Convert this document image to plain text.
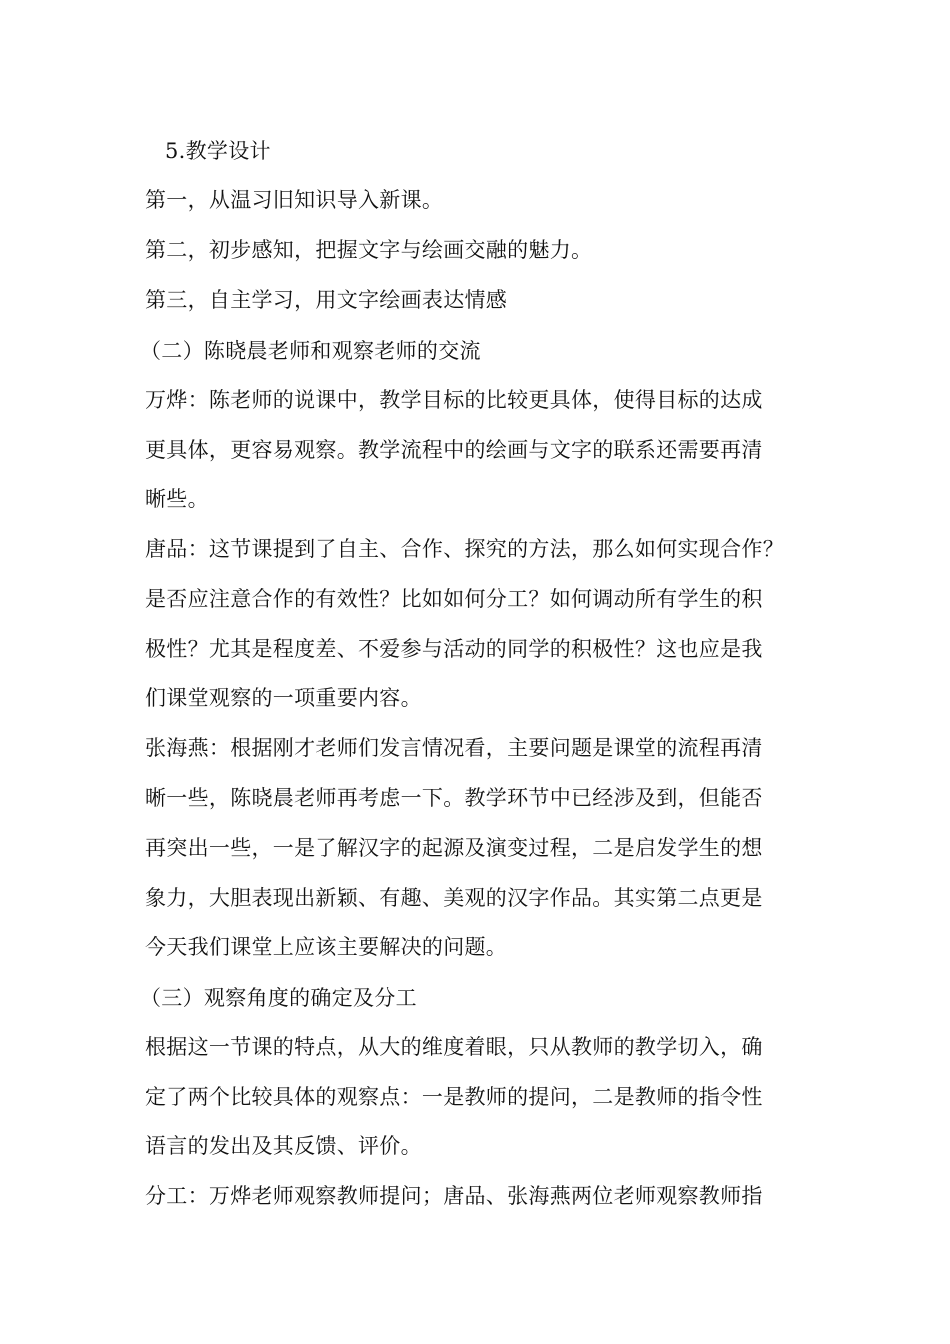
5.教学设计
第一，从温习旧知识导入新课。
第二，初步感知，把握文字与绘画交融的魅力。
第三，自主学习，用文字绘画表达情感
（二）陈晓晨老师和观察老师的交流
万烨：陈老师的说课中，教学目标的比较更具体，使得目标的达成
更具体，更容易观察。教学流程中的绘画与文字的联系还需要再清
晰些。
唐品：这节课提到了自主、合作、探究的方法，那么如何实现合作？
是否应注意合作的有效性？比如如何分工？如何调动所有学生的积
极性？尤其是程度差、不爱参与活动的同学的积极性？这也应是我
们课堂观察的一项重要内容。
张海燕：根据刚才老师们发言情况看，主要问题是课堂的流程再清
晰一些，陈晓晨老师再考虑一下。教学环节中已经涉及到，但能否
再突出一些，一是了解汉字的起源及演变过程，二是启发学生的想
象力，大胆表现出新颖、有趣、美观的汉字作品。其实第二点更是
今天我们课堂上应该主要解决的问题。
（三）观察角度的确定及分工
根据这一节课的特点，从大的维度着眼，只从教师的教学切入，确
定了两个比较具体的观察点：一是教师的提问，二是教师的指令性
语言的发出及其反馈、评价。
分工：万烨老师观察教师提问；唐品、张海燕两位老师观察教师指
